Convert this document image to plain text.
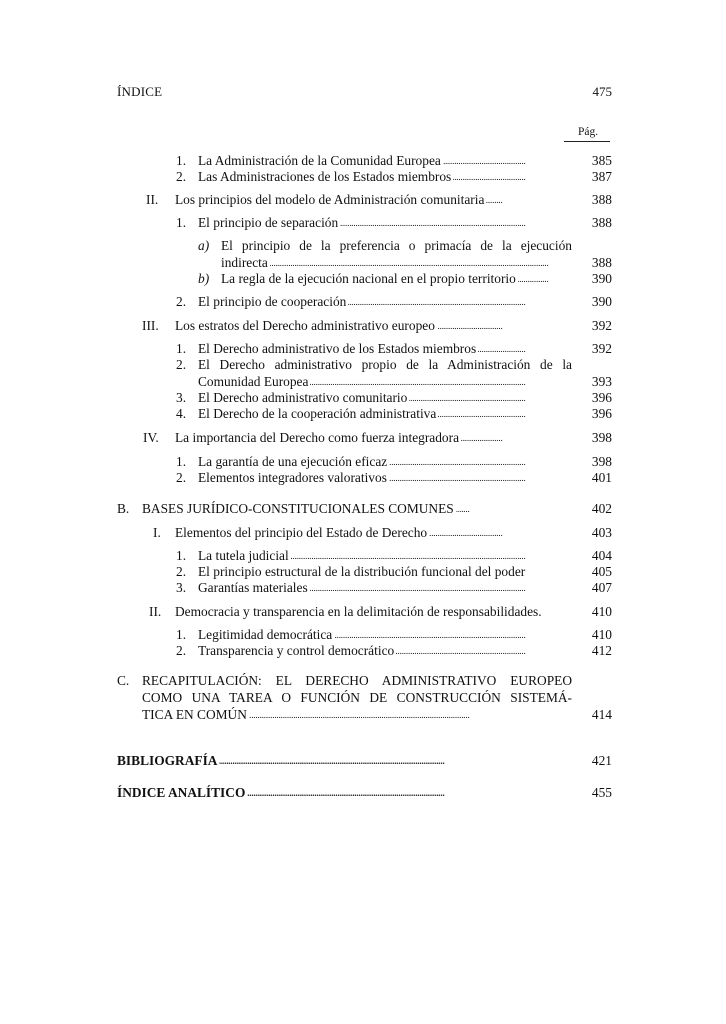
ÍNDICE	475
Pág.
1. La Administración de la Comunidad Europea . . .	385
2. Las Administraciones de los Estados miembros . . .	387
II. Los principios del modelo de Administración comunitaria . . .	388
1. El principio de separación . . .	388
a) El principio de la preferencia o primacía de la ejecución
indirecta . . .	388
b) La regla de la ejecución nacional en el propio territorio . . .	390
2. El principio de cooperación . . .	390
III. Los estratos del Derecho administrativo europeo . . .	392
1. El Derecho administrativo de los Estados miembros . . .	392
2. El Derecho administrativo propio de la Administración de la
Comunidad Europea . . .	393
3. El Derecho administrativo comunitario . . .	396
4. El Derecho de la cooperación administrativa . . .	396
IV. La importancia del Derecho como fuerza integradora . . .	398
1. La garantía de una ejecución eficaz . . .	398
2. Elementos integradores valorativos . . .	401
B. BASES JURÍDICO-CONSTITUCIONALES COMUNES . . .	402
I. Elementos del principio del Estado de Derecho . . .	403
1. La tutela judicial . . .	404
2. El principio estructural de la distribución funcional del poder . . .	405
3. Garantías materiales . . .	407
II. Democracia y transparencia en la delimitación de responsabilidades.	410
1. Legitimidad democrática . . .	410
2. Transparencia y control democrático . . .	412
C. RECAPITULACIÓN: EL DERECHO ADMINISTRATIVO EUROPEO
COMO UNA TAREA O FUNCIÓN DE CONSTRUCCIÓN SISTEMÁ-
TICA EN COMÚN . . .	414
BIBLIOGRAFÍA . . .	421
ÍNDICE ANALÍTICO . . .	455
